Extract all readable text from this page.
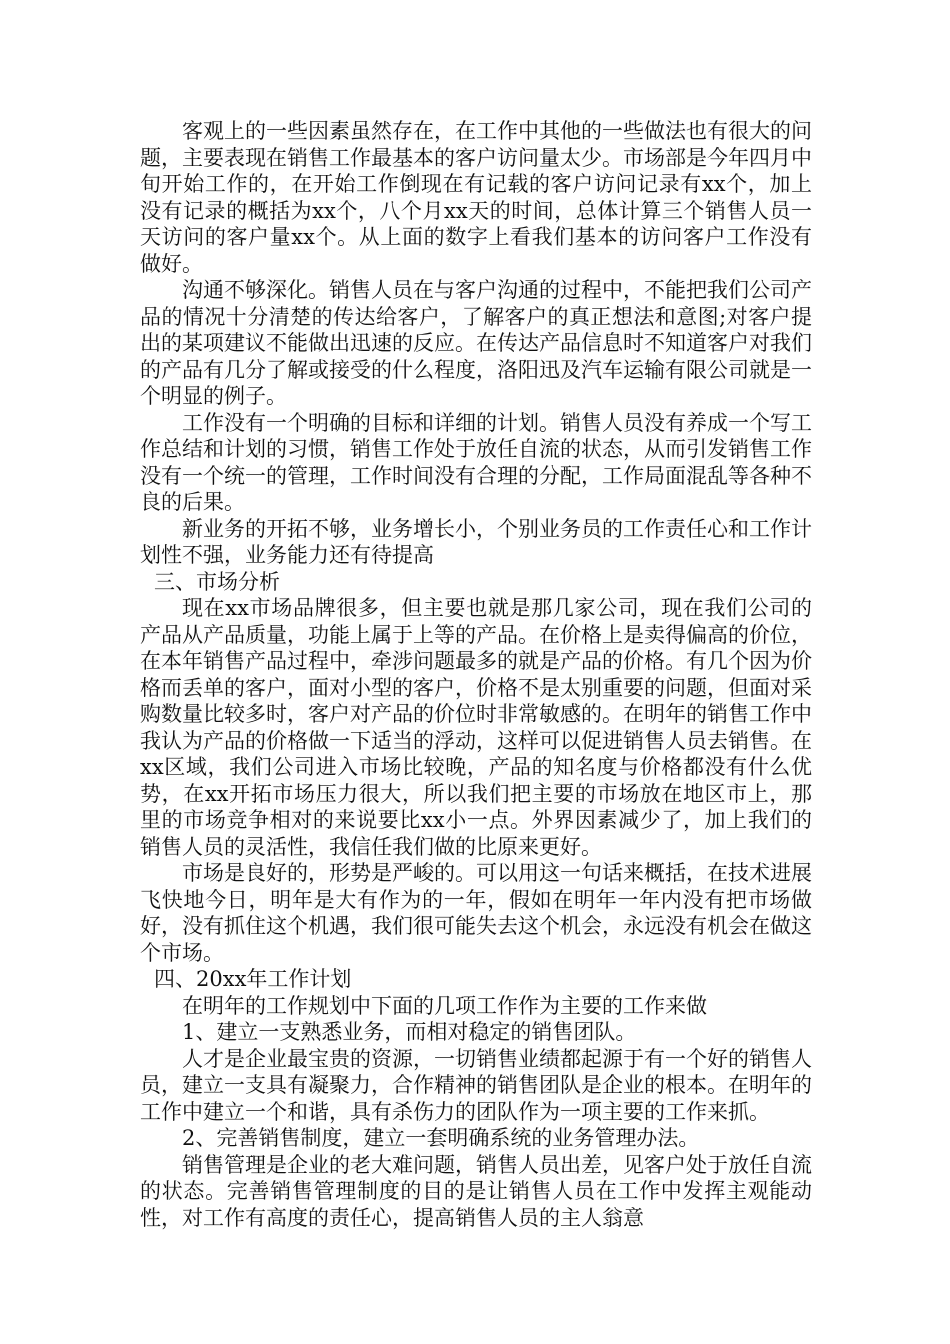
客观上的一些因素虽然存在，在工作中其他的一些做法也有很大的问题，主要表现在销售工作最基本的客户访问量太少。市场部是今年四月中旬开始工作的，在开始工作倒现在有记载的客户访问记录有xx个，加上没有记录的概括为xx个，八个月xx天的时间，总体计算三个销售人员一天访问的客户量xx个。从上面的数字上看我们基本的访问客户工作没有做好。

沟通不够深化。销售人员在与客户沟通的过程中，不能把我们公司产品的情况十分清楚的传达给客户，了解客户的真正想法和意图;对客户提出的某项建议不能做出迅速的反应。在传达产品信息时不知道客户对我们的产品有几分了解或接受的什么程度，洛阳迅及汽车运输有限公司就是一个明显的例子。

工作没有一个明确的目标和详细的计划。销售人员没有养成一个写工作总结和计划的习惯，销售工作处于放任自流的状态，从而引发销售工作没有一个统一的管理，工作时间没有合理的分配，工作局面混乱等各种不良的后果。

新业务的开拓不够，业务增长小，个别业务员的工作责任心和工作计划性不强，业务能力还有待提高

三、市场分析

现在xx市场品牌很多，但主要也就是那几家公司，现在我们公司的产品从产品质量，功能上属于上等的产品。在价格上是卖得偏高的价位，在本年销售产品过程中，牵涉问题最多的就是产品的价格。有几个因为价格而丢单的客户，面对小型的客户，价格不是太别重要的问题，但面对采购数量比较多时，客户对产品的价位时非常敏感的。在明年的销售工作中我认为产品的价格做一下适当的浮动，这样可以促进销售人员去销售。在xx区域，我们公司进入市场比较晚，产品的知名度与价格都没有什么优势，在xx开拓市场压力很大，所以我们把主要的市场放在地区市上，那里的市场竞争相对的来说要比xx小一点。外界因素减少了，加上我们的销售人员的灵活性，我信任我们做的比原来更好。

市场是良好的，形势是严峻的。可以用这一句话来概括，在技术进展飞快地今日，明年是大有作为的一年，假如在明年一年内没有把市场做好，没有抓住这个机遇，我们很可能失去这个机会，永远没有机会在做这个市场。

四、20xx年工作计划

在明年的工作规划中下面的几项工作作为主要的工作来做

1、建立一支熟悉业务，而相对稳定的销售团队。

人才是企业最宝贵的资源，一切销售业绩都起源于有一个好的销售人员，建立一支具有凝聚力，合作精神的销售团队是企业的根本。在明年的工作中建立一个和谐，具有杀伤力的团队作为一项主要的工作来抓。

2、完善销售制度，建立一套明确系统的业务管理办法。

销售管理是企业的老大难问题，销售人员出差，见客户处于放任自流的状态。完善销售管理制度的目的是让销售人员在工作中发挥主观能动性，对工作有高度的责任心，提高销售人员的主人翁意
